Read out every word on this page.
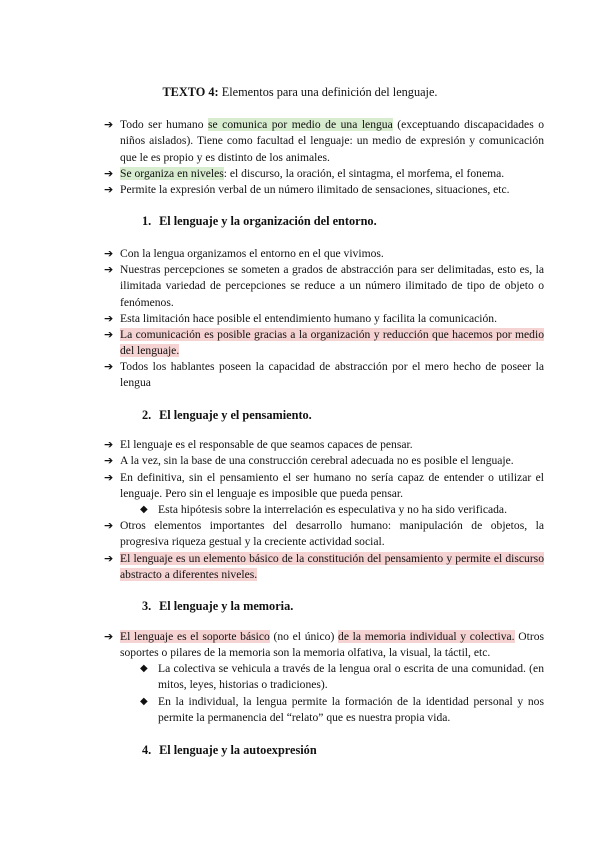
TEXTO 4: Elementos para una definición del lenguaje.
➔ Todo ser humano se comunica por medio de una lengua (exceptuando discapacidades o niños aislados). Tiene como facultad el lenguaje: un medio de expresión y comunicación que le es propio y es distinto de los animales.
➔ Se organiza en niveles: el discurso, la oración, el sintagma, el morfema, el fonema.
➔ Permite la expresión verbal de un número ilimitado de sensaciones, situaciones, etc.
1. El lenguaje y la organización del entorno.
➔ Con la lengua organizamos el entorno en el que vivimos.
➔ Nuestras percepciones se someten a grados de abstracción para ser delimitadas, esto es, la ilimitada variedad de percepciones se reduce a un número ilimitado de tipo de objeto o fenómenos.
➔ Esta limitación hace posible el entendimiento humano y facilita la comunicación.
➔ La comunicación es posible gracias a la organización y reducción que hacemos por medio del lenguaje.
➔ Todos los hablantes poseen la capacidad de abstracción por el mero hecho de poseer la lengua
2. El lenguaje y el pensamiento.
➔ El lenguaje es el responsable de que seamos capaces de pensar.
➔ A la vez, sin la base de una construcción cerebral adecuada no es posible el lenguaje.
➔ En definitiva, sin el pensamiento el ser humano no sería capaz de entender o utilizar el lenguaje. Pero sin el lenguaje es imposible que pueda pensar.
◆ Esta hipótesis sobre la interrelación es especulativa y no ha sido verificada.
➔ Otros elementos importantes del desarrollo humano: manipulación de objetos, la progresiva riqueza gestual y la creciente actividad social.
➔ El lenguaje es un elemento básico de la constitución del pensamiento y permite el discurso abstracto a diferentes niveles.
3. El lenguaje y la memoria.
➔ El lenguaje es el soporte básico (no el único) de la memoria individual y colectiva. Otros soportes o pilares de la memoria son la memoria olfativa, la visual, la táctil, etc.
◆ La colectiva se vehicula a través de la lengua oral o escrita de una comunidad. (en mitos, leyes, historias o tradiciones).
◆ En la individual, la lengua permite la formación de la identidad personal y nos permite la permanencia del “relato” que es nuestra propia vida.
4. El lenguaje y la autoexpresión
